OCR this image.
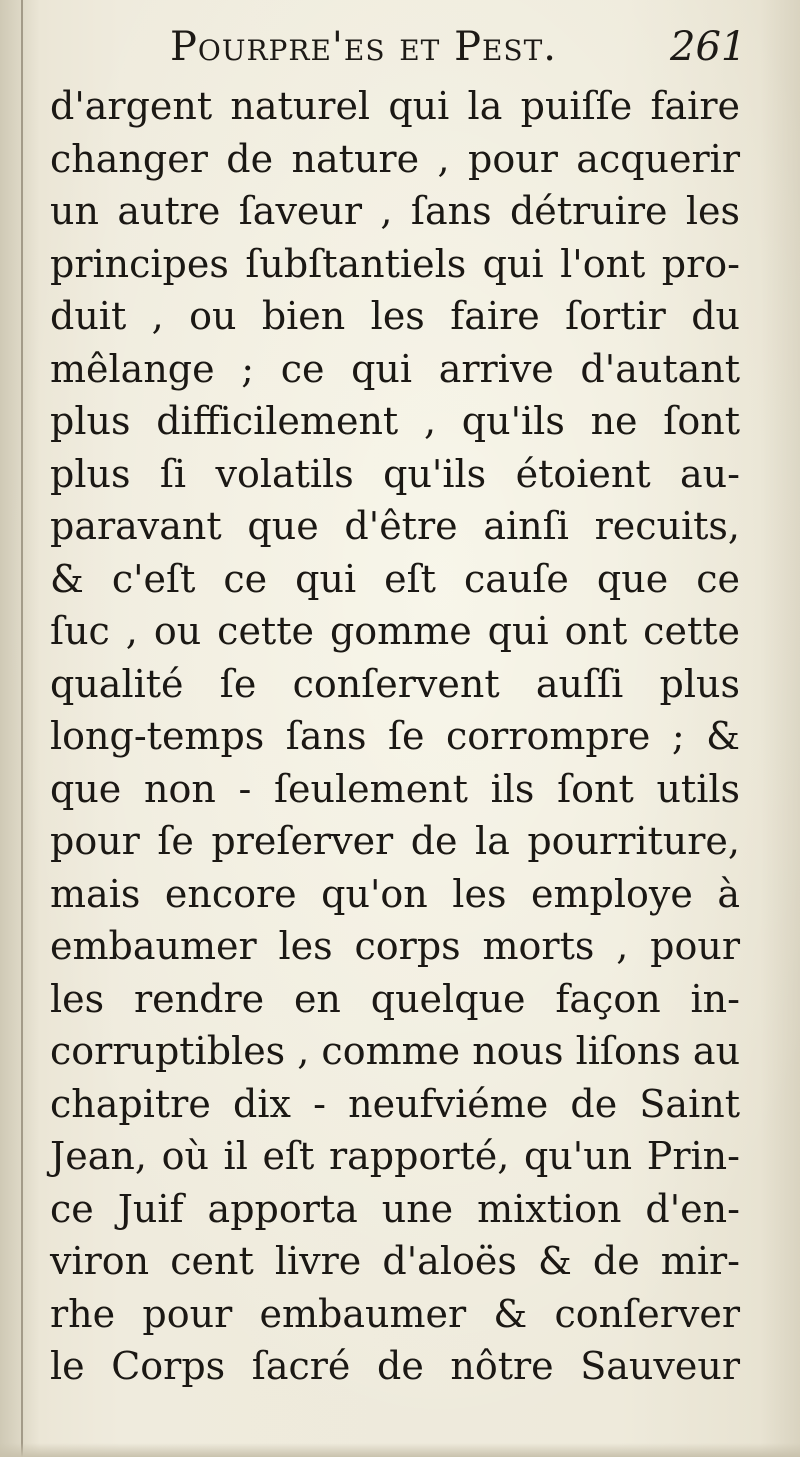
Pourpre'es et Pest.	261
d'argent naturel qui la puiſſe faire
changer de nature , pour acquerir
un autre ſaveur , ſans détruire les
principes ſubſtantiels qui l'ont pro-
duit , ou bien les faire ſortir du
mêlange ; ce qui arrive d'autant
plus difficilement , qu'ils ne ſont
plus ſi volatils qu'ils étoient au-
paravant que d'être ainſi recuits,
& c'eſt ce qui eſt cauſe que ce
ſuc , ou cette gomme qui ont cette
qualité ſe conſervent auſſi plus
long-temps ſans ſe corrompre ; &
que non - ſeulement ils ſont utils
pour ſe preſerver de la pourriture,
mais encore qu'on les employe à
embaumer les corps morts , pour
les rendre en quelque façon in-
corruptibles , comme nous liſons au
chapitre dix - neufviéme de Saint
Jean, où il eſt rapporté, qu'un Prin-
ce Juif apporta une mixtion d'en-
viron cent livre d'aloës & de mir-
rhe pour embaumer & conſerver
le Corps ſacré de nôtre Sauveur
